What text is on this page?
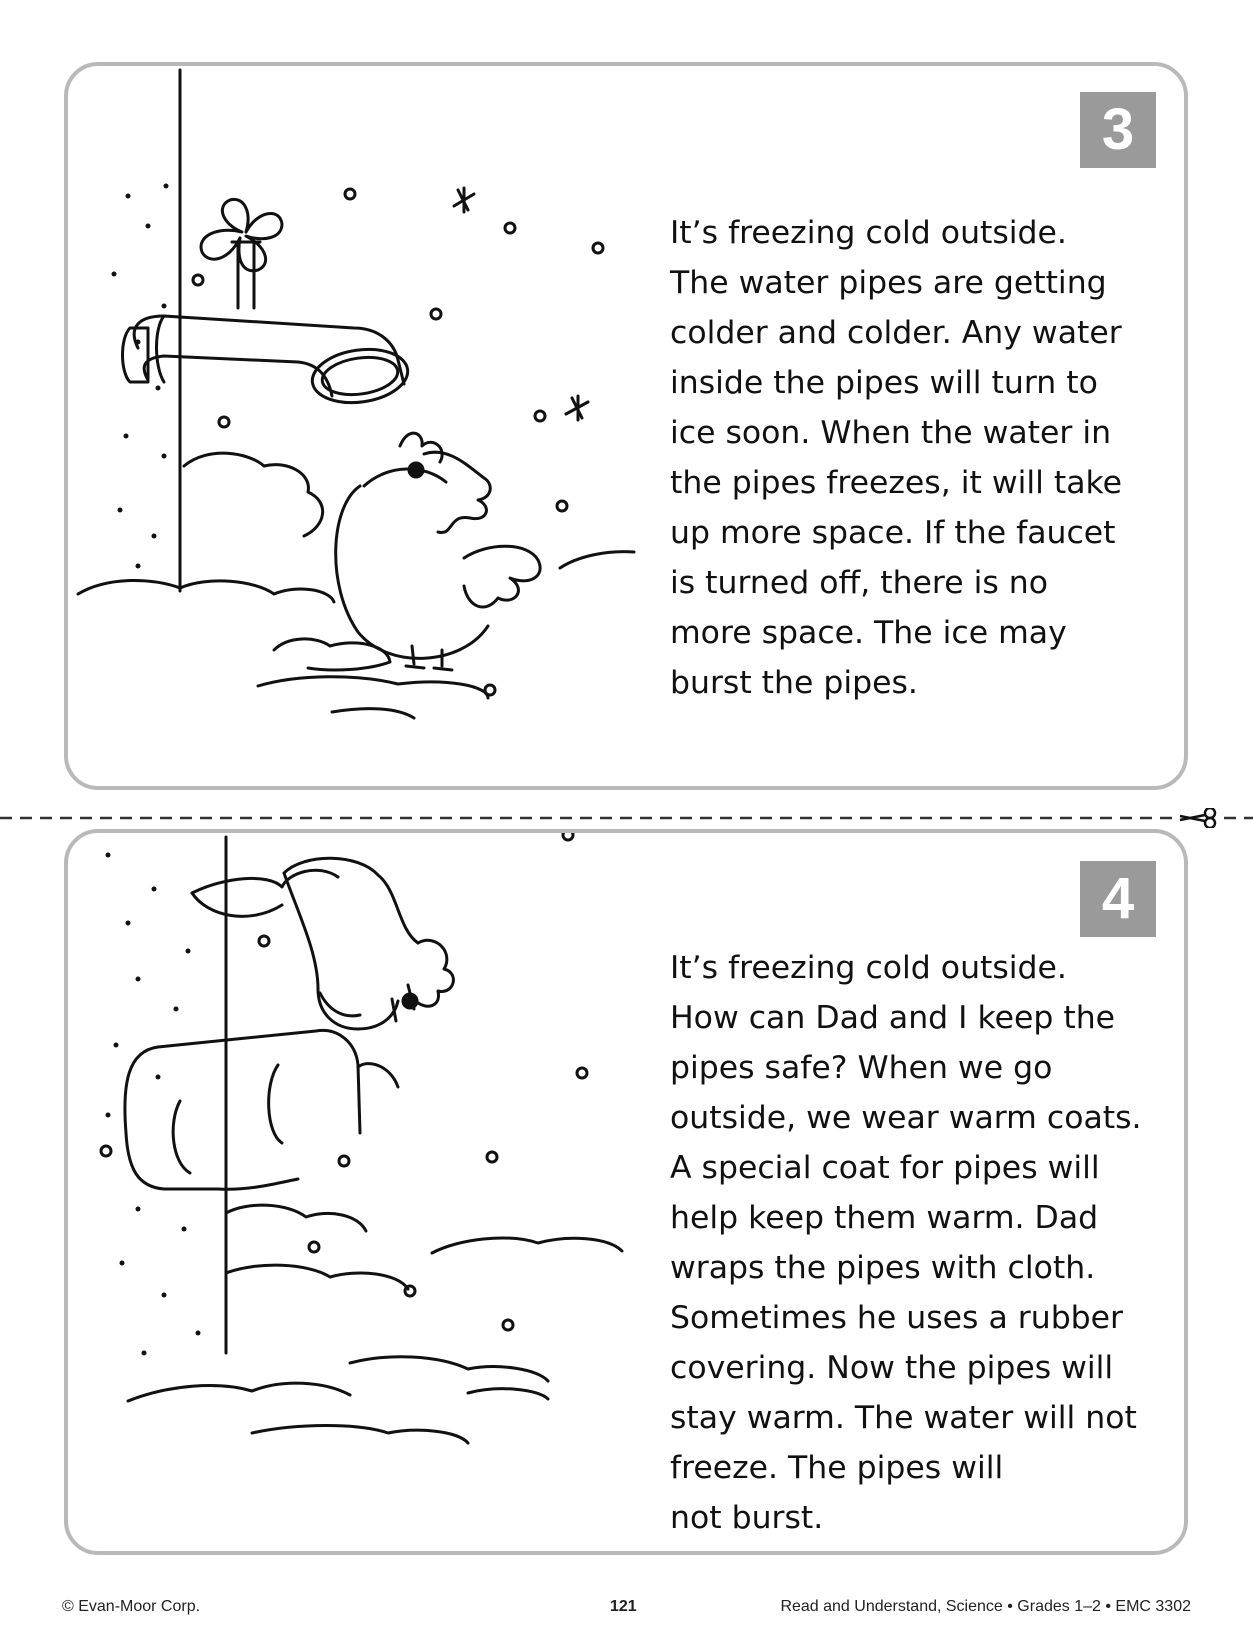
3
It’s freezing cold outside.
The water pipes are getting
colder and colder. Any water
inside the pipes will turn to
ice soon. When the water in
the pipes freezes, it will take
up more space. If the faucet
is turned off, there is no
more space. The ice may
burst the pipes.
4
It’s freezing cold outside.
How can Dad and I keep the
pipes safe? When we go
outside, we wear warm coats.
A special coat for pipes will
help keep them warm. Dad
wraps the pipes with cloth.
Sometimes he uses a rubber
covering. Now the pipes will
stay warm. The water will not
freeze. The pipes will
not burst.
© Evan-Moor Corp.	121	Read and Understand, Science • Grades 1–2 • EMC 3302
